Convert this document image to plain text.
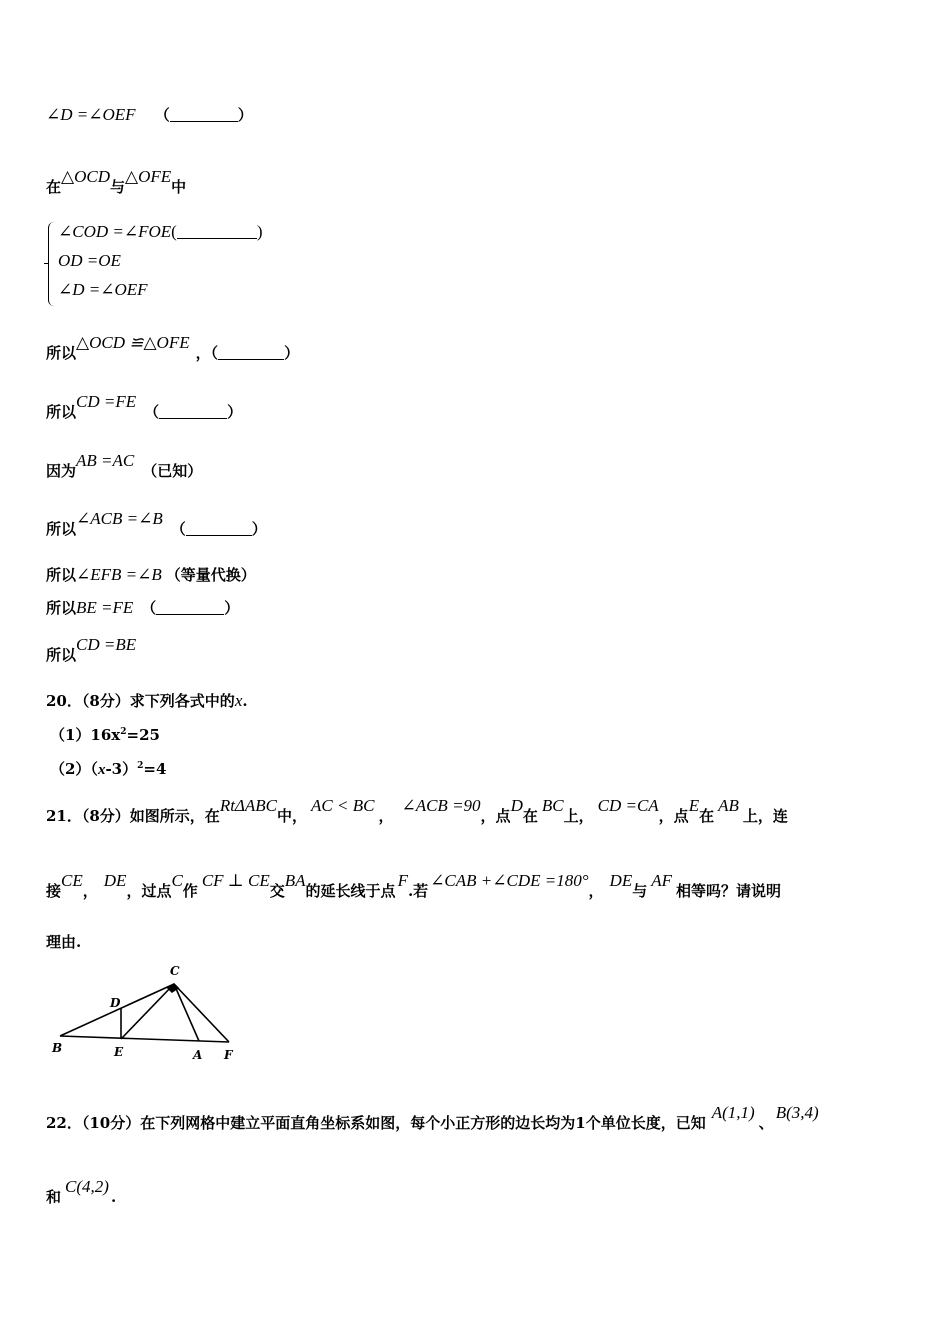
∠D =∠OEF （	）
在△OCD与△OFE中
∠COD =∠FOE(	)
OD =OE
∠D =∠OEF
所以△OCD ≌△OFE，（	）
所以CD =FE（	）
因为AB =AC（已知）
所以∠ACB =∠B（	）
所以∠EFB =∠B （等量代换）
所以BE =FE （	）
所以CD =BE
20．（8分）求下列各式中的x.
$(1)16x^2=25$
$(2)(x-3)^2=4$
21．（8分）如图所示，在RtΔABC中，AC < BC，∠ACB =90，点D在BC上，CD =CA，点E在AB上，连
接CE，DE，过点C作CF ⊥ CE交BA的延长线于点F.若∠CAB +∠CDE =180°，DE与AF相等吗？请说明
理由.
C
D
B	E	A F
22．（10分）在下列网格中建立平面直角坐标系如图，每个小正方形的边长均为1个单位长度，已知A(1,1)、B(3,4)
和C(4,2).
